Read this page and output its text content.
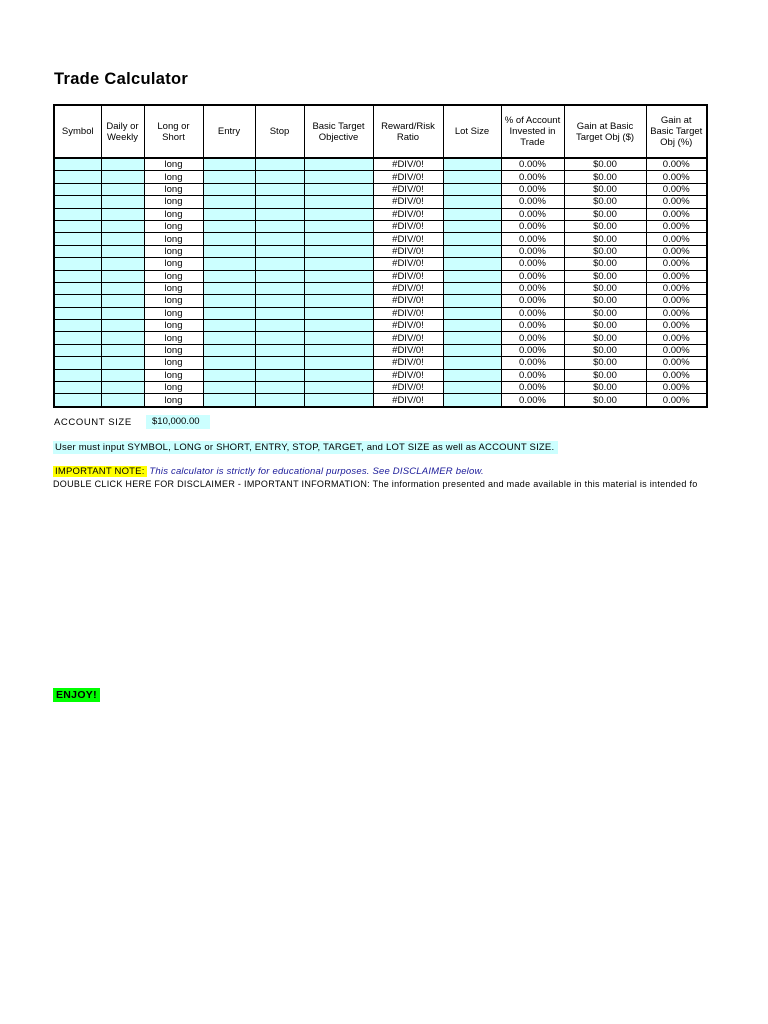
Trade Calculator
Symbol	Daily or Weekly	Long or Short	Entry	Stop	Basic Target Objective	Reward/Risk Ratio	Lot Size	% of Account Invested in Trade	Gain at Basic Target Obj ($)	Gain at Basic Target Obj (%)
		long				#DIV/0!		0.00%	$0.00	0.00%
		long				#DIV/0!		0.00%	$0.00	0.00%
		long				#DIV/0!		0.00%	$0.00	0.00%
		long				#DIV/0!		0.00%	$0.00	0.00%
		long				#DIV/0!		0.00%	$0.00	0.00%
		long				#DIV/0!		0.00%	$0.00	0.00%
		long				#DIV/0!		0.00%	$0.00	0.00%
		long				#DIV/0!		0.00%	$0.00	0.00%
		long				#DIV/0!		0.00%	$0.00	0.00%
		long				#DIV/0!		0.00%	$0.00	0.00%
		long				#DIV/0!		0.00%	$0.00	0.00%
		long				#DIV/0!		0.00%	$0.00	0.00%
		long				#DIV/0!		0.00%	$0.00	0.00%
		long				#DIV/0!		0.00%	$0.00	0.00%
		long				#DIV/0!		0.00%	$0.00	0.00%
		long				#DIV/0!		0.00%	$0.00	0.00%
		long				#DIV/0!		0.00%	$0.00	0.00%
		long				#DIV/0!		0.00%	$0.00	0.00%
		long				#DIV/0!		0.00%	$0.00	0.00%
		long				#DIV/0!		0.00%	$0.00	0.00%
ACCOUNT SIZE	$10,000.00
User must input SYMBOL, LONG or SHORT, ENTRY, STOP, TARGET, and LOT SIZE as well as ACCOUNT SIZE.
IMPORTANT NOTE: This calculator is strictly for educational purposes. See DISCLAIMER below.
DOUBLE CLICK HERE FOR DISCLAIMER - IMPORTANT INFORMATION: The information presented and made available in this material is intended fo
ENJOY!
